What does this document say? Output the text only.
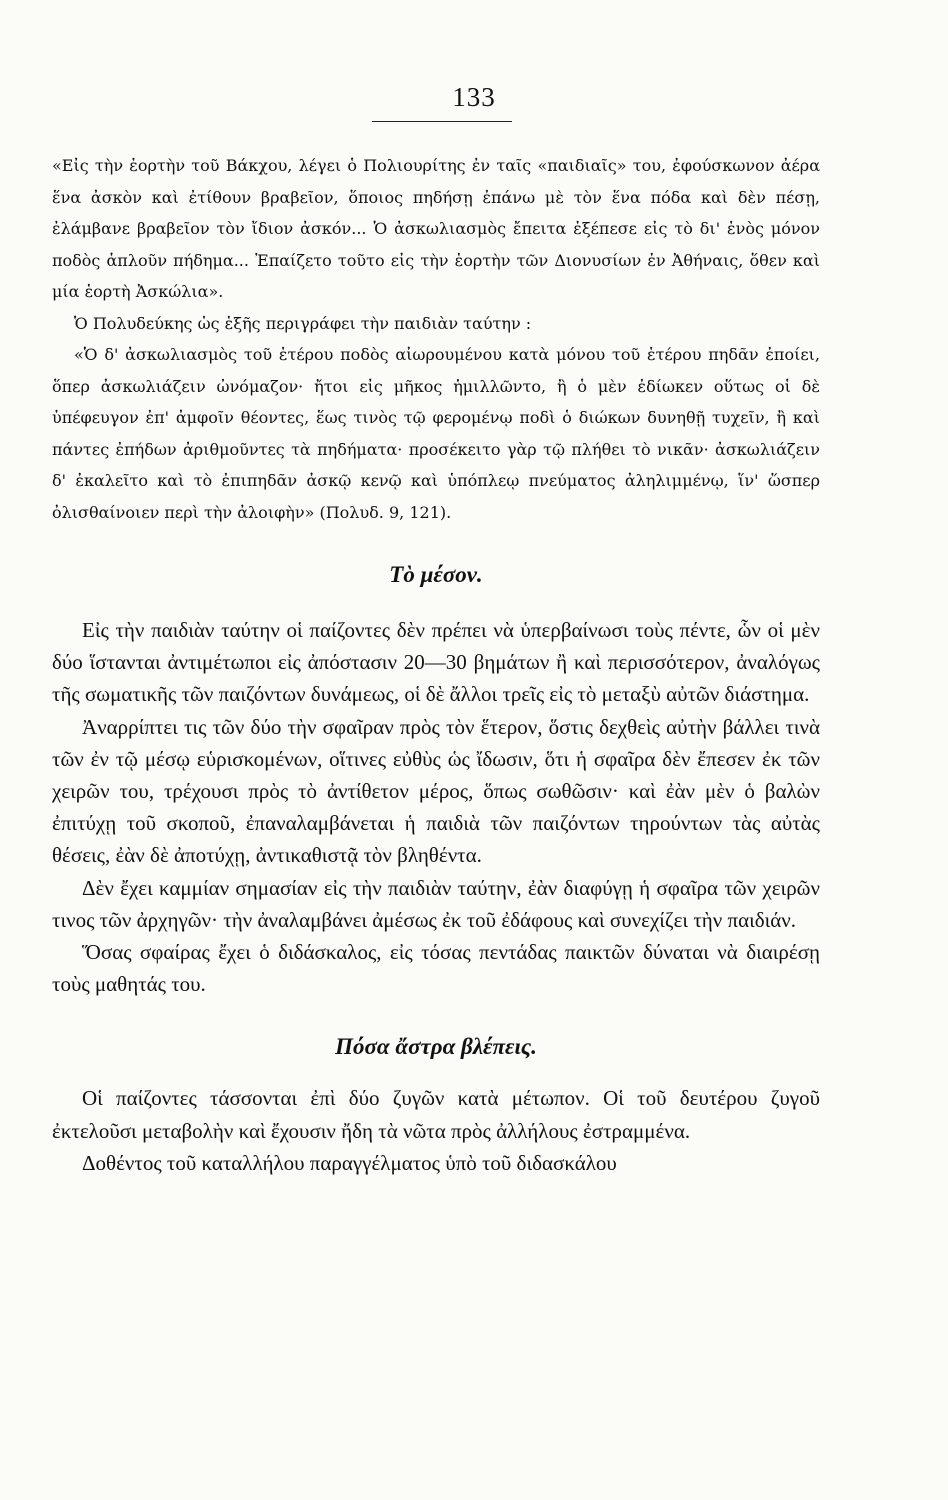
133

«Εἰς τὴν ἑορτὴν τοῦ Βάκχου, λέγει ὁ Πολιουρίτης ἐν ταῖς «παιδιαῖς» του, ἐφούσκωνον ἀέρα ἕνα ἀσκὸν καὶ ἐτίθουν βραβεῖον, ὅποιος πηδήσῃ ἐπάνω μὲ τὸν ἕνα πόδα καὶ δὲν πέσῃ, ἐλάμβανε βραβεῖον τὸν ἴδιον ἀσκόν... Ὁ ἀσκωλιασμὸς ἔπειτα ἐξέπεσε εἰς τὸ δι' ἑνὸς μόνον ποδὸς ἁπλοῦν πήδημα... Ἐπαίζετο τοῦτο εἰς τὴν ἑορτὴν τῶν Διονυσίων ἐν Ἀθήναις, ὅθεν καὶ μία ἑορτὴ Ἀσκώλια».

Ὁ Πολυδεύκης ὡς ἑξῆς περιγράφει τὴν παιδιὰν ταύτην :

«Ὁ δ' ἀσκωλιασμὸς τοῦ ἑτέρου ποδὸς αἰωρουμένου κατὰ μόνου τοῦ ἑτέρου πηδᾶν ἐποίει, ὅπερ ἀσκωλιάζειν ὠνόμαζον· ἤτοι εἰς μῆκος ἡμιλλῶντο, ἢ ὁ μὲν ἐδίωκεν οὕτως οἱ δὲ ὑπέφευγον ἐπ' ἀμφοῖν θέοντες, ἕως τινὸς τῷ φερομένῳ ποδὶ ὁ διώκων δυνηθῇ τυχεῖν, ἢ καὶ πάντες ἐπήδων ἀριθμοῦντες τὰ πηδήματα· προσέκειτο γὰρ τῷ πλήθει τὸ νικᾶν· ἀσκωλιάζειν δ' ἐκαλεῖτο καὶ τὸ ἐπιπηδᾶν ἀσκῷ κενῷ καὶ ὑπόπλεῳ πνεύματος ἀληλιμμένῳ, ἵν' ὥσπερ ὀλισθαίνοιεν περὶ τὴν ἀλοιφὴν» (Πολυδ. 9, 121).

Τὸ μέσον.

Εἰς τὴν παιδιὰν ταύτην οἱ παίζοντες δὲν πρέπει νὰ ὑπερβαίνωσι τοὺς πέντε, ὧν οἱ μὲν δύο ἵστανται ἀντιμέτωποι εἰς ἀπόστασιν 20—30 βημάτων ἢ καὶ περισσότερον, ἀναλόγως τῆς σωματικῆς τῶν παιζόντων δυνάμεως, οἱ δὲ ἄλλοι τρεῖς εἰς τὸ μεταξὺ αὐτῶν διάστημα.

Ἀναρρίπτει τις τῶν δύο τὴν σφαῖραν πρὸς τὸν ἕτερον, ὅστις δεχθεὶς αὐτὴν βάλλει τινὰ τῶν ἐν τῷ μέσῳ εὑρισκομένων, οἵτινες εὐθὺς ὡς ἴδωσιν, ὅτι ἡ σφαῖρα δὲν ἔπεσεν ἐκ τῶν χειρῶν του, τρέχουσι πρὸς τὸ ἀντίθετον μέρος, ὅπως σωθῶσιν· καὶ ἐὰν μὲν ὁ βαλὼν ἐπιτύχῃ τοῦ σκοποῦ, ἐπαναλαμβάνεται ἡ παιδιὰ τῶν παιζόντων τηρούντων τὰς αὐτὰς θέσεις, ἐὰν δὲ ἀποτύχῃ, ἀντικαθιστᾷ τὸν βληθέντα.

Δὲν ἔχει καμμίαν σημασίαν εἰς τὴν παιδιὰν ταύτην, ἐὰν διαφύγῃ ἡ σφαῖρα τῶν χειρῶν τινος τῶν ἀρχηγῶν· τὴν ἀναλαμβάνει ἀμέσως ἐκ τοῦ ἐδάφους καὶ συνεχίζει τὴν παιδιάν.

Ὅσας σφαίρας ἔχει ὁ διδάσκαλος, εἰς τόσας πεντάδας παικτῶν δύναται νὰ διαιρέσῃ τοὺς μαθητάς του.

Πόσα ἄστρα βλέπεις.

Οἱ παίζοντες τάσσονται ἐπὶ δύο ζυγῶν κατὰ μέτωπον. Οἱ τοῦ δευτέρου ζυγοῦ ἐκτελοῦσι μεταβολὴν καὶ ἔχουσιν ἤδη τὰ νῶτα πρὸς ἀλλήλους ἐστραμμένα.

Δοθέντος τοῦ καταλλήλου παραγγέλματος ὑπὸ τοῦ διδασκάλου
